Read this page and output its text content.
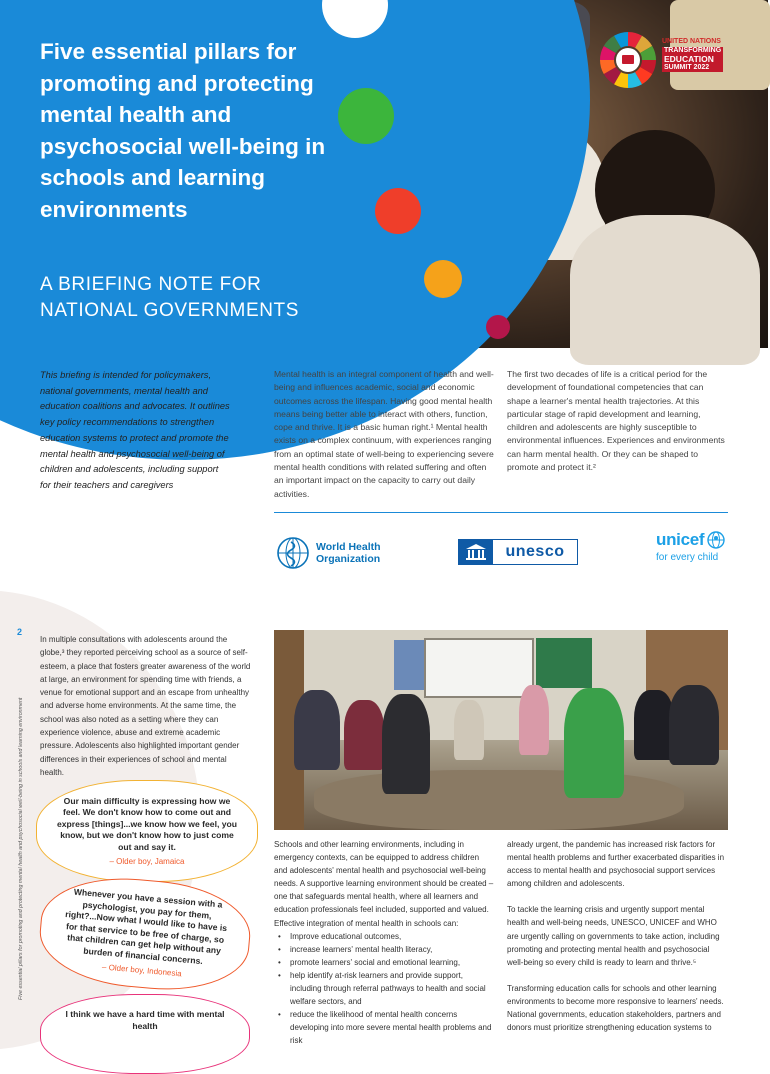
Five essential pillars for promoting and protecting mental health and psychosocial well-being in schools and learning environments
A BRIEFING NOTE FOR NATIONAL GOVERNMENTS
UNITED NATIONS
TRANSFORMING
EDUCATION
SUMMIT 2022

This briefing is intended for policymakers, national governments, mental health and education coalitions and advocates. It outlines key policy recommendations to strengthen education systems to protect and promote the mental health and psychosocial well-being of children and adolescents, including support for their teachers and caregivers

Mental health is an integral component of health and well-being and influences academic, social and economic outcomes across the lifespan. Having good mental health means being better able to interact with others, function, cope and thrive. It is a basic human right.¹ Mental health exists on a complex continuum, with experiences ranging from an optimal state of well-being to experiencing severe mental health conditions with related suffering and often an important impact on the capacity to carry out daily activities.

The first two decades of life is a critical period for the development of foundational competencies that can shape a learner's mental health trajectories. At this particular stage of rapid development and learning, children and adolescents are highly susceptible to environmental influences. Experiences and environments can harm mental health. Or they can be shaped to promote and protect it.²

World Health
Organization	unesco
unicef
for every child
2
Five essential pillars for promoting and protecting mental health and psychosocial well-being in schools and learning environment

In multiple consultations with adolescents around the globe,³ they reported perceiving school as a source of self-esteem, a place that fosters greater awareness of the world at large, an environment for spending time with friends, a venue for emotional support and an escape from unhealthy and adverse home environments. At the same time, the school was also noted as a setting where they can experience violence, abuse and extreme academic pressure. Adolescents also highlighted important gender differences in their experiences of school and mental health.

Our main difficulty is expressing how we feel. We don't know how to come out and express [things]...we know how we feel, you know, but we don't know how to just come out and say it.
– Older boy, Jamaica
Whenever you have a session with a psychologist, you pay for them, right?...Now what I would like to have is for that service to be free of charge, so that children can get help without any burden of financial concerns.
– Older boy, Indonesia
I think we have a hard time with mental health

Schools and other learning environments, including in emergency contexts, can be equipped to address children and adolescents' mental health and psychosocial well-being needs. A supportive learning environment should be created – one that safeguards mental health, where all learners and education professionals feel included, supported and valued. Effective integration of mental health in schools can:

• Improve educational outcomes,
• increase learners' mental health literacy,
• promote learners' social and emotional learning,
• help identify at-risk learners and provide support, including through referral pathways to health and social welfare sectors, and
• reduce the likelihood of mental health concerns developing into more severe mental health problems and risk

already urgent, the pandemic has increased risk factors for mental health problems and further exacerbated disparities in access to mental health and psychosocial support services among children and adolescents.

To tackle the learning crisis and urgently support mental health and well-being needs, UNESCO, UNICEF and WHO are urgently calling on governments to take action, including promoting and protecting mental health and psychosocial well-being so every child is ready to learn and thrive.⁵

Transforming education calls for schools and other learning environments to become more responsive to learners' needs. National governments, education stakeholders, partners and donors must prioritize strengthening education systems to
